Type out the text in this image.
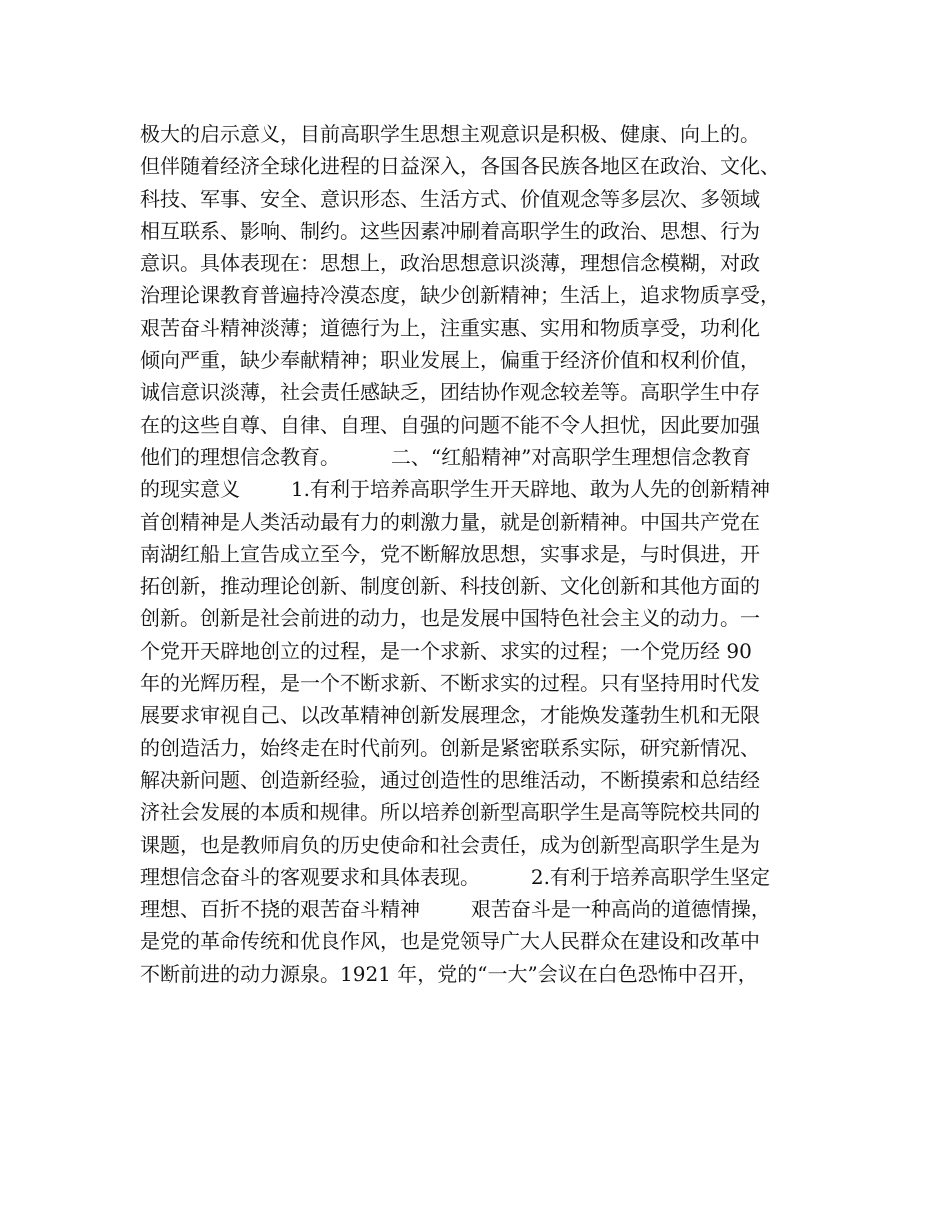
极大的启示意义，目前高职学生思想主观意识是积极、健康、向上的。
但伴随着经济全球化进程的日益深入，各国各民族各地区在政治、文化、
科技、军事、安全、意识形态、生活方式、价值观念等多层次、多领域
相互联系、影响、制约。这些因素冲刷着高职学生的政治、思想、行为
意识。具体表现在：思想上，政治思想意识淡薄，理想信念模糊，对政
治理论课教育普遍持冷漠态度，缺少创新精神；生活上，追求物质享受，
艰苦奋斗精神淡薄；道德行为上，注重实惠、实用和物质享受，功利化
倾向严重，缺少奉献精神；职业发展上，偏重于经济价值和权利价值，
诚信意识淡薄，社会责任感缺乏，团结协作观念较差等。高职学生中存
在的这些自尊、自律、自理、自强的问题不能不令人担忧，因此要加强
他们的理想信念教育。        二、“红船精神”对高职学生理想信念教育
的现实意义        1.有利于培养高职学生开天辟地、敢为人先的创新精神
首创精神是人类活动最有力的刺激力量，就是创新精神。中国共产党在
南湖红船上宣告成立至今，党不断解放思想，实事求是，与时俱进，开
拓创新，推动理论创新、制度创新、科技创新、文化创新和其他方面的
创新。创新是社会前进的动力，也是发展中国特色社会主义的动力。一
个党开天辟地创立的过程，是一个求新、求实的过程；一个党历经 90
年的光辉历程，是一个不断求新、不断求实的过程。只有坚持用时代发
展要求审视自己、以改革精神创新发展理念，才能焕发蓬勃生机和无限
的创造活力，始终走在时代前列。创新是紧密联系实际，研究新情况、
解决新问题、创造新经验，通过创造性的思维活动，不断摸索和总结经
济社会发展的本质和规律。所以培养创新型高职学生是高等院校共同的
课题，也是教师肩负的历史使命和社会责任，成为创新型高职学生是为
理想信念奋斗的客观要求和具体表现。        2.有利于培养高职学生坚定
理想、百折不挠的艰苦奋斗精神        艰苦奋斗是一种高尚的道德情操，
是党的革命传统和优良作风，也是党领导广大人民群众在建设和改革中
不断前进的动力源泉。1921 年，党的“一大”会议在白色恐怖中召开，
